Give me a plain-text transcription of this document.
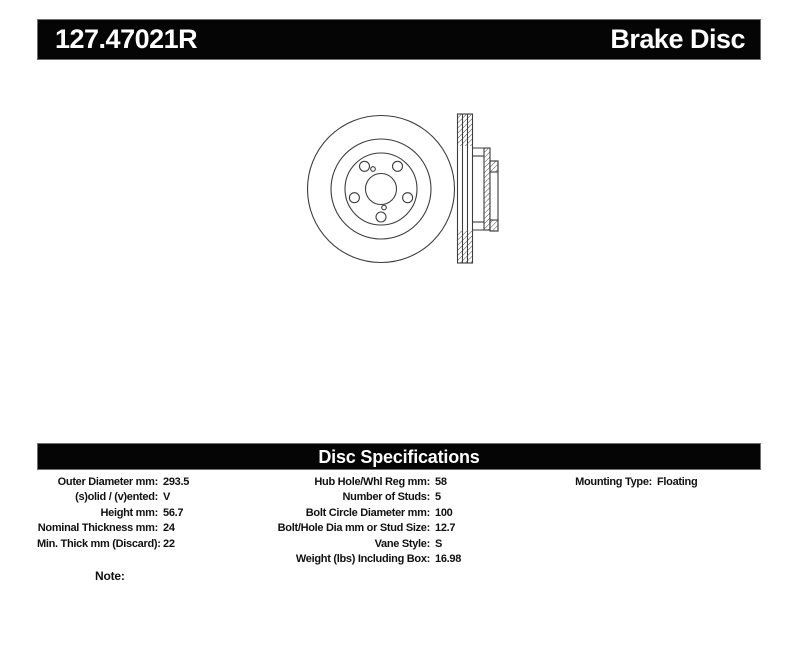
127.47021R	Brake Disc
Disc Specifications
Outer Diameter mm: 293.5
(s)olid / (v)ented: V
Height mm: 56.7
Nominal Thickness mm: 24
Min. Thick mm (Discard): 22
Hub Hole/Whl Reg mm: 58
Number of Studs: 5
Bolt Circle Diameter mm: 100
Bolt/Hole Dia mm or Stud Size: 12.7
Vane Style: S
Weight (lbs) Including Box: 16.98
Mounting Type: Floating
Note:
